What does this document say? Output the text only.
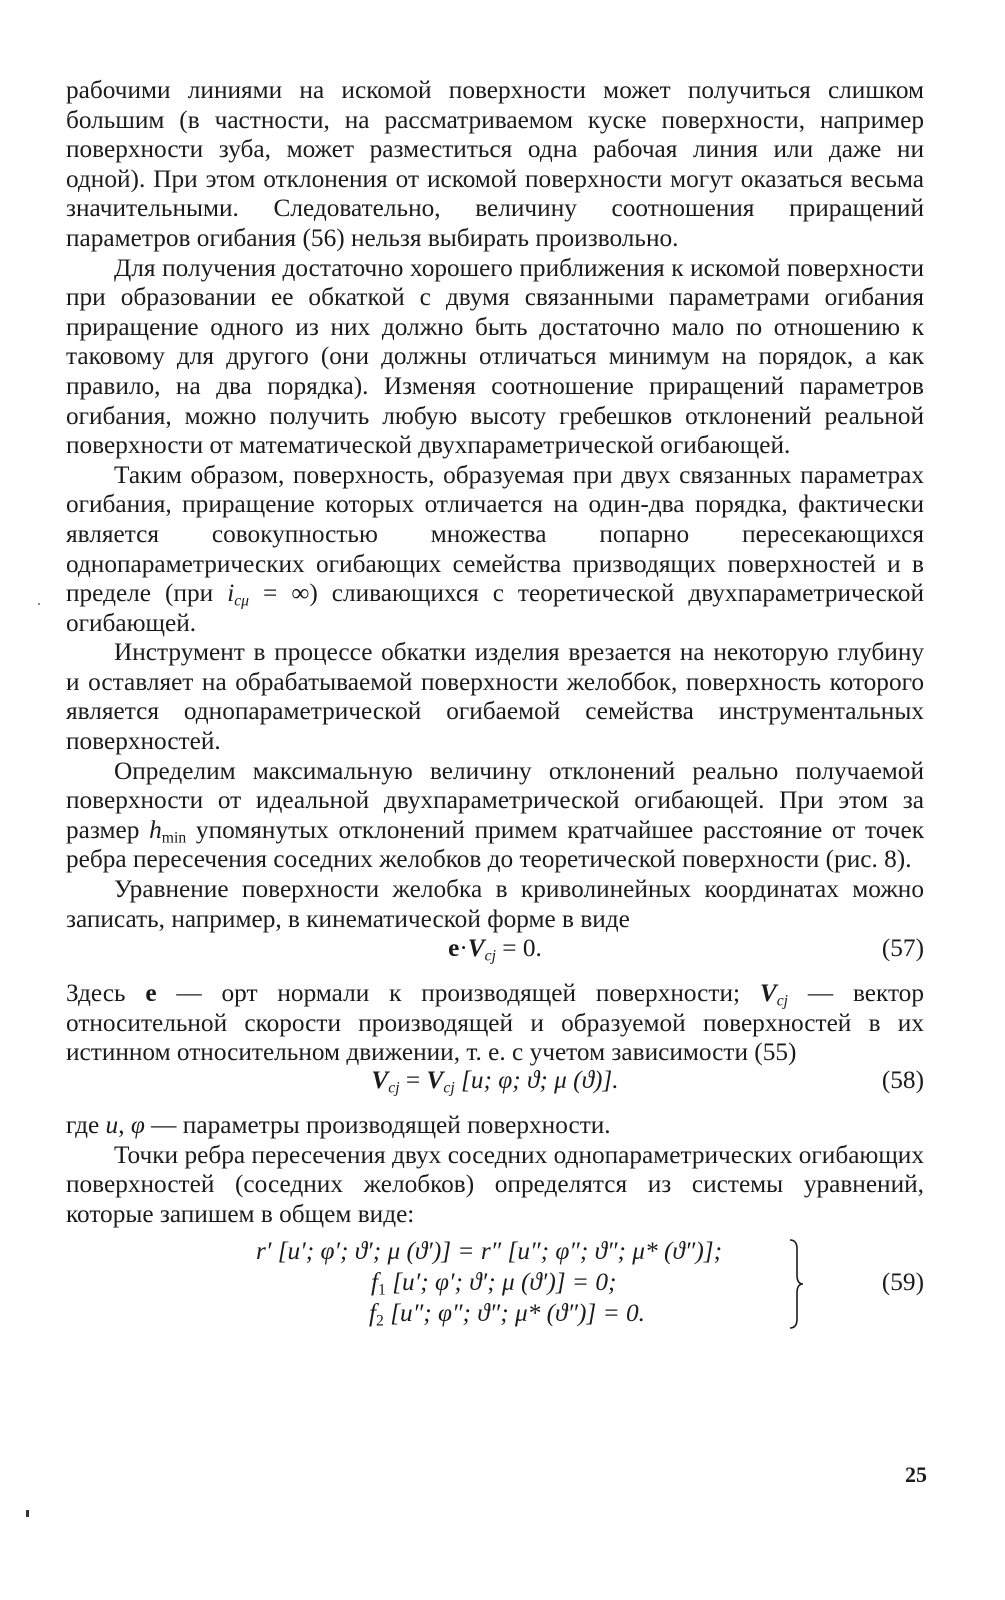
рабочими линиями на искомой поверхности может получиться слишком большим (в частности, на рассматриваемом куске поверхности, например поверхности зуба, может разместиться одна рабочая линия или даже ни одной). При этом отклонения от искомой поверхности могут оказаться весьма значительными. Следовательно, величину соотношения приращений параметров огибания (56) нельзя выбирать произвольно.

Для получения достаточно хорошего приближения к искомой поверхности при образовании ее обкаткой с двумя связанными параметрами огибания приращение одного из них должно быть достаточно мало по отношению к таковому для другого (они должны отличаться минимум на порядок, а как правило, на два порядка). Изменяя соотношение приращений параметров огибания, можно получить любую высоту гребешков отклонений реальной поверхности от математической двухпараметрической огибающей.

Таким образом, поверхность, образуемая при двух связанных параметрах огибания, приращение которых отличается на один-два порядка, фактически является совокупностью множества попарно пересекающихся однопараметрических огибающих семейства призводящих поверхностей и в пределе (при $i_{c\mu}$ = ∞) сливающихся с теоретической двухпараметрической огибающей.

Инструмент в процессе обкатки изделия врезается на некоторую глубину и оставляет на обрабатываемой поверхности желоббок, поверхность которого является однопараметрической огибаемой семейства инструментальных поверхностей.

Определим максимальную величину отклонений реально получаемой поверхности от идеальной двухпараметрической огибающей. При этом за размер $h_{min}$ упомянутых отклонений примем кратчайшее расстояние от точек ребра пересечения соседних желобков до теоретической поверхности (рис. 8).

Уравнение поверхности желобка в криволинейных координатах можно записать, например, в кинематической форме в виде

$e\cdot V_{cj} = 0$.	(57)

Здесь e — орт нормали к производящей поверхности; $V_{cj}$ — вектор относительной скорости производящей и образуемой поверхностей в их истинном относительном движении, т. е. с учетом зависимости (55)

$V_{cj} = V_{cj}$ [u; φ; ϑ; μ (ϑ)].	(58)

где u, φ — параметры производящей поверхности.

Точки ребра пересечения двух соседних однопараметрических огибающих поверхностей (соседних желобков) определятся из системы уравнений, которые запишем в общем виде:

r′ [u′; φ′; ϑ′; μ (ϑ′)] = r″ [u″; φ″; ϑ″; μ* (ϑ″)];
$f_1$ [u′; φ′; ϑ′; μ (ϑ′)] = 0;
$f_2$ [u″; φ″; ϑ″; μ* (ϑ″)] = 0.
(59)
25
